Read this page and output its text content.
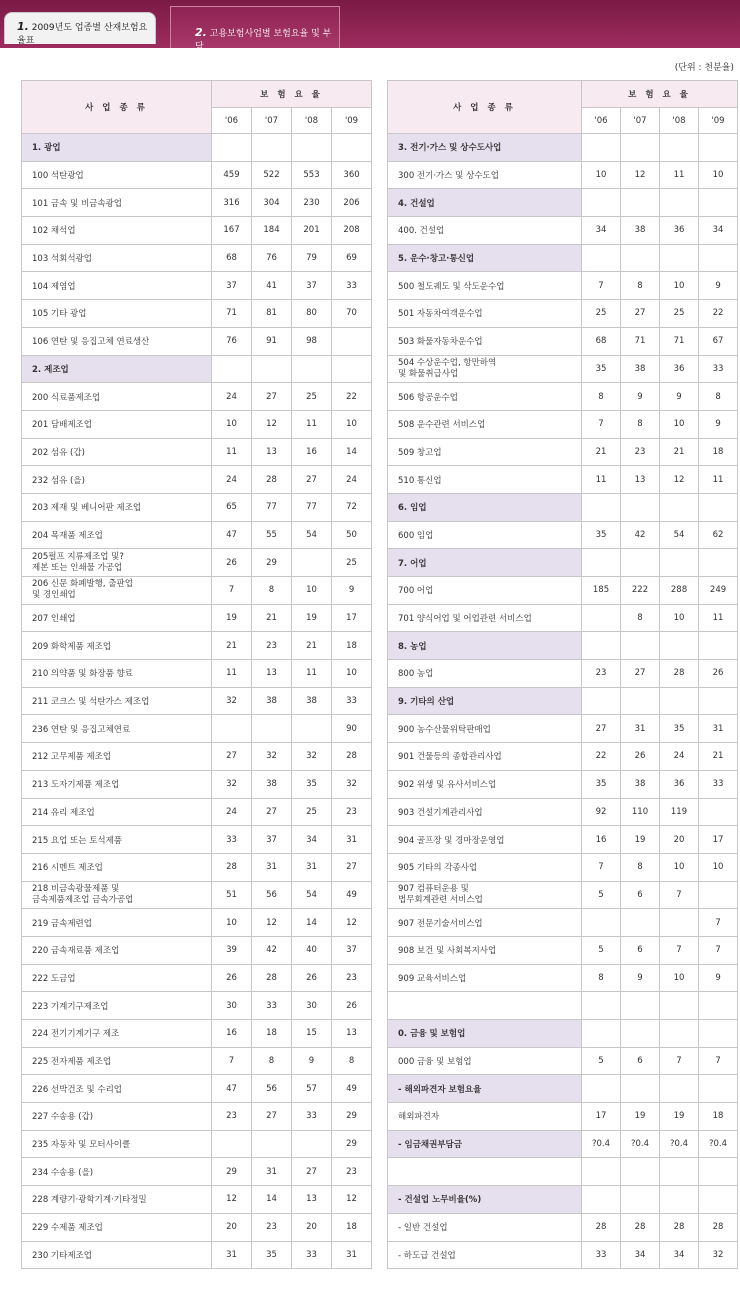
1. 2009년도 업종별 산재보험요율표
2. 고용보험사업별 보험요율 및 부담
(단위 : 천분율)
사 업 종 류	보 험 요 율			
	'06	'07	'08	'09
1. 광업				
100 석탄광업	459	522	553	360
101 금속 및 비금속광업	316	304	230	206
102 채석업	167	184	201	208
103 석회석광업	68	76	79	69
104 제염업	37	41	37	33
105 기타 광업	71	81	80	70
106 연탄 및 응집고체 연료생산	76	91	98	
2. 제조업				
200 식료품제조업	24	27	25	22
201 담배제조업	10	12	11	10
202 섬유 (갑)	11	13	16	14
232 섬유 (을)	24	28	27	24
203 제재 및 베니어판 제조업	65	77	77	72
204 목재품 제조업	47	55	54	50
205펄프 지류제조업 및?
제본 또는 인쇄물 가공업	26	29		25
206 신문 화폐발행, 출판업
및 경인쇄업	7	8	10	9
207 인쇄업	19	21	19	17
209 화학제품 제조업	21	23	21	18
210 의약품 및 화장품 향료	11	13	11	10
211 코크스 및 석탄가스 제조업	32	38	38	33
236 연탄 및 응집고체연료				90
212 고무제품 제조업	27	32	32	28
213 도자기제품 제조업	32	38	35	32
214 유리 제조업	24	27	25	23
215 요업 또는 토석제품	33	37	34	31
216 시멘트 제조업	28	31	31	27
218 비금속광물제품 및
금속제품제조업 금속가공업	51	56	54	49
219 금속제련업	10	12	14	12
220 금속재료품 제조업	39	42	40	37
222 도금업	26	28	26	23
223 기계기구제조업	30	33	30	26
224 전기기계기구 제조	16	18	15	13
225 전자제품 제조업	7	8	9	8
226 선박건조 및 수리업	47	56	57	49
227 수송용 (갑)	23	27	33	29
235 자동차 및 모터사이클				29
234 수송용 (을)	29	31	27	23
228 계량기·광학기계·기타정밀	12	14	13	12
229 수제품 제조업	20	23	20	18
230 기타제조업	31	35	33	31
사 업 종 류	보 험 요 율			
	'06	'07	'08	'09
3. 전기·가스 및 상수도사업				
300 전기·가스 및 상수도업	10	12	11	10
4. 건설업				
400. 건설업	34	38	36	34
5. 운수·창고·통신업				
500 철도궤도 및 삭도운수업	7	8	10	9
501 자동차여객운수업	25	27	25	22
503 화물자동차운수업	68	71	71	67
504 수상운수업, 항만하역
및 화물취급사업	35	38	36	33
506 항공운수업	8	9	9	8
508 운수관련 서비스업	7	8	10	9
509 창고업	21	23	21	18
510 통신업	11	13	12	11
6. 임업				
600 임업	35	42	54	62
7. 어업				
700 어업	185	222	288	249
701 양식어업 및 어업관련 서비스업		8	10	11
8. 농업				
800 농업	23	27	28	26
9. 기타의 산업				
900 농수산물위탁판매업	27	31	35	31
901 건물등의 종합관리사업	22	26	24	21
902 위생 및 유사서비스업	35	38	36	33
903 건설기계관리사업	92	110	119	
904 골프장 및 경마장운영업	16	19	20	17
905 기타의 각종사업	7	8	10	10
907 컴퓨터운용 및
법무회계관련 서비스업	5	6	7	
907 전문기술서비스업				7
908 보건 및 사회복지사업	5	6	7	7
909 교육서비스업	8	9	10	9

0. 금융 및 보험업				
000 금융 및 보험업	5	6	7	7
- 해외파견자 보험요율				
해외파견자	17	19	19	18
- 임금채권부담금	?0.4	?0.4	?0.4	?0.4

- 건설업 노무비율(%)				
- 일반 건설업	28	28	28	28
- 하도급 건설업	33	34	34	32
